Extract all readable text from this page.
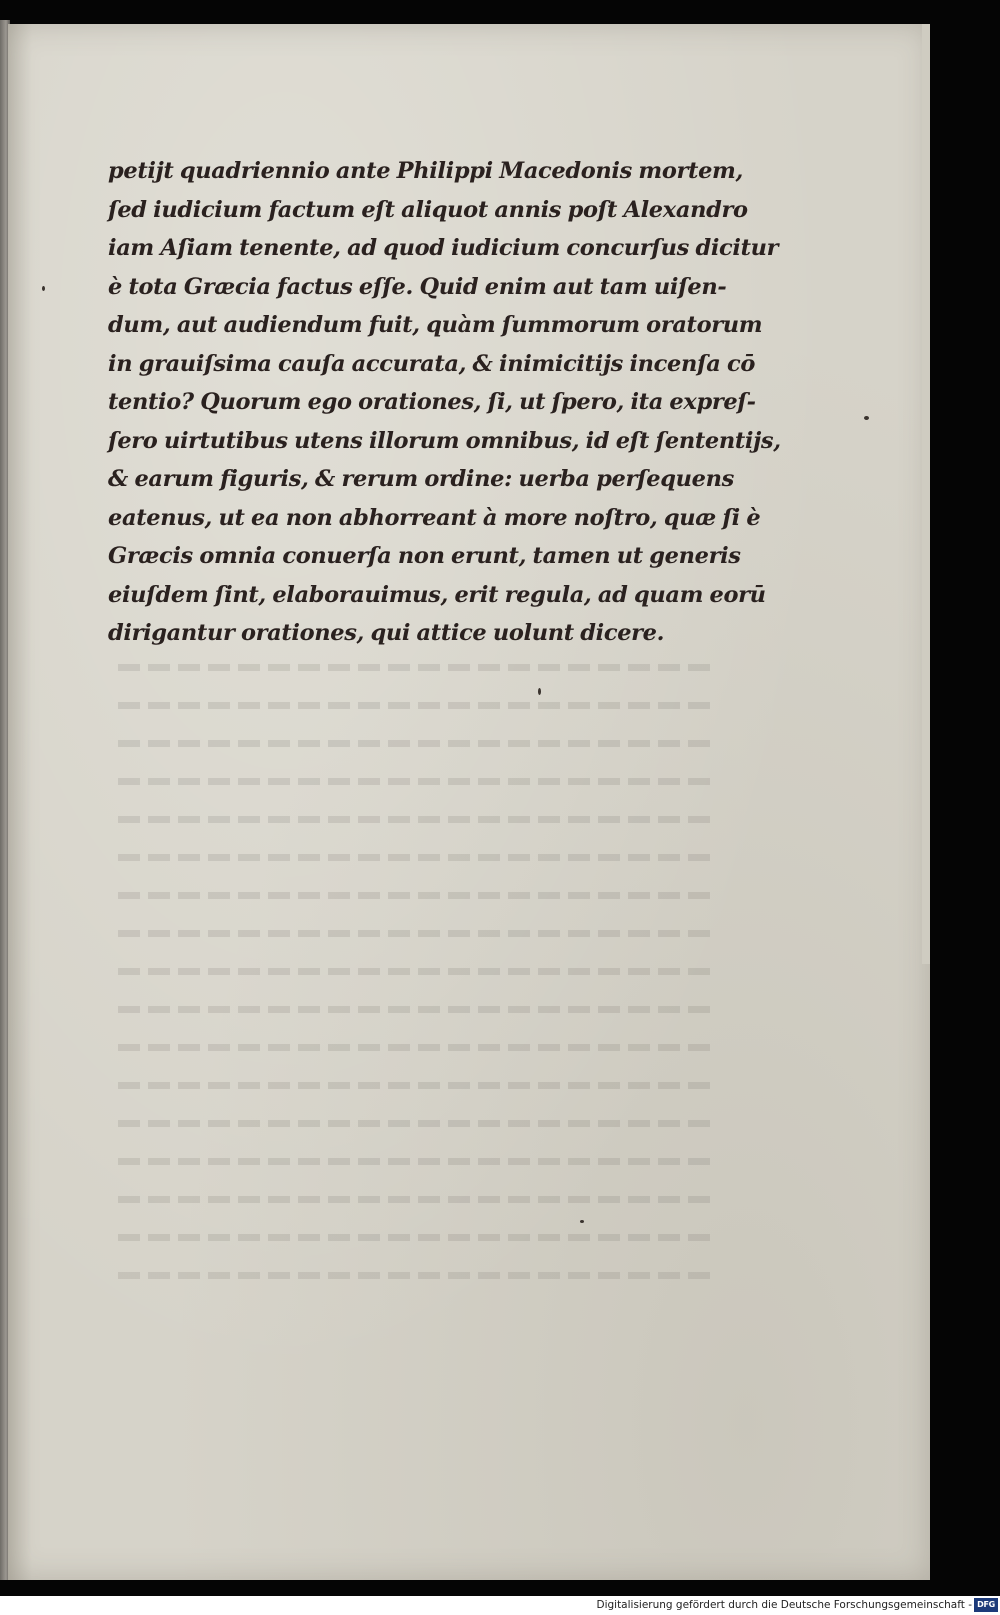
petijt quadriennio ante Philippi Macedonis mortem,
ſed iudicium factum eſt aliquot annis poſt Alexandro
iam Aſiam tenente, ad quod iudicium concurſus dicitur
è tota Græcia factus eſſe. Quid enim aut tam uiſen-
dum, aut audiendum fuit, quàm ſummorum oratorum
in grauiſsima cauſa accurata, & inimicitijs incenſa cō
tentio? Quorum ego orationes, ſi, ut ſpero, ita expreſ-
ſero uirtutibus utens illorum omnibus, id eſt ſententijs,
& earum figuris, & rerum ordine: uerba perſequens
eatenus, ut ea non abhorreant à more noſtro, quæ ſi è
Græcis omnia conuerſa non erunt, tamen ut generis
eiuſdem ſint, elaborauimus, erit regula, ad quam eorū
dirigantur orationes, qui attice uolunt dicere.
Digitalisierung gefördert durch die Deutsche Forschungsgemeinschaft - DFG
